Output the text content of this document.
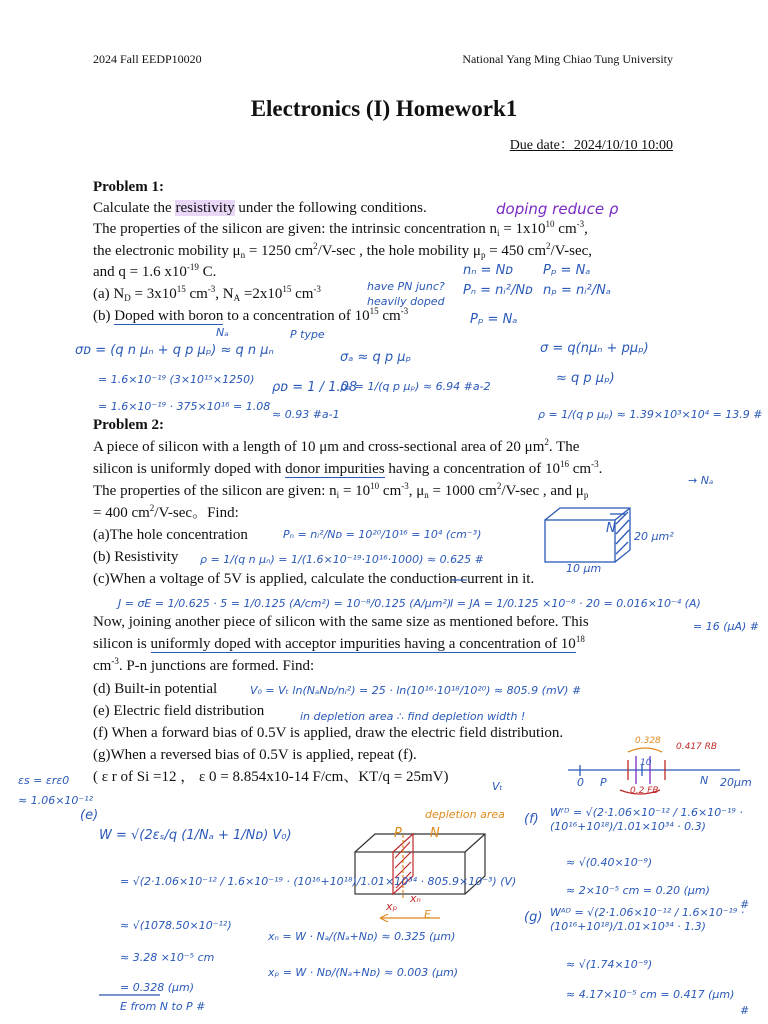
2024 Fall EEDP10020	National Yang Ming Chiao Tung University
Electronics (I) Homework1
Due date：2024/10/10 10:00
Problem 1:
Calculate the resistivity under the following conditions.
The properties of the silicon are given: the intrinsic concentration $n_i = 1x10^{10}$ $cm^{-3}$,
the electronic mobility $\mu_n = 1250$ $cm^2/V-\sec$ , the hole mobility $\mu_p = 450$ $cm^2/V-\sec$,
and q = 1.6 $x10^{-19}$ C.
(a) $N_D = 3x10^{15}$ $cm^{-3}$, $N_A =2x10^{15}$ $cm^{-3}$
(b) Doped with boron to a concentration of $10^{15}$ $cm^{-3}$
Problem 2:
A piece of silicon with a length of 10 μm and cross-sectional area of 20 $\mu m^2$. The
silicon is uniformly doped with donor impurities having a concentration of $10^{16}$ $cm^{-3}$.
The properties of the silicon are given: $n_i = 10^{10}$ $cm^{-3}$, $\mu_n = 1000$ $cm^2/V-\sec$ , and $\mu_p$
= 400 $cm^2/V-\sec$。Find:
(a)The hole concentration
(b) Resistivity
(c)When a voltage of 5V is applied, calculate the conduction current in it.
Now, joining another piece of silicon with the same size as mentioned before. This
silicon is uniformly doped with acceptor impurities having a concentration of $10^{18}$
$cm^{-3}$. P-n junctions are formed. Find:
(d) Built-in potential
(e) Electric field distribution
(f) When a forward bias of 0.5V is applied, draw the electric field distribution.
(g)When a reversed bias of 0.5V is applied, repeat (f).
( ε r of Si =12 ， ε 0 = 8.854x10-14 F/cm、KT/q = 25mV)
doping reduce ρ
have PN junc?
heavily doped
nₙ = Nᴅ Pₚ = Nₐ
Pₙ = nᵢ²/Nᴅ nₚ = nᵢ²/Nₐ
Pₚ = Nₐ
P type
Nₐ
σᴅ = (q n μₙ + q p μₚ) ≈ q n μₙ
= 1.6×10⁻¹⁹ (3×10¹⁵×1250)
= 1.6×10⁻¹⁹ · 375×10¹⁶ = 1.08
ρᴅ = 1 / 1.08
≈ 0.93 #a-1
σₐ ≈ q p μₚ
ρₐ = 1/(q p μₚ) ≈ 6.94 #a-2
σ = q(nμₙ + pμₚ)
≈ q p μₚ)
ρ = 1/(q p μₚ) ≈ 1.39×10³×10⁴ = 13.9 #
→ Nₐ
Pₙ = nᵢ²/Nᴅ = 10²⁰/10¹⁶ = 10⁴ (cm⁻³)
ρ = 1/(q n μₙ) = 1/(1.6×10⁻¹⁹·10¹⁶·1000) ≈ 0.625 #
J = σE = 1/0.625 · 5 = 1/0.125 (A/cm²) = 10⁻⁸/0.125 (A/μm²)
I = JA = 1/0.125 ×10⁻⁸ · 20 = 0.016×10⁻⁴ (A)
= 16 (μA) #
V₀ = Vₜ ln(NₐNᴅ/nᵢ²) = 25 · ln(10¹⁶·10¹⁸/10²⁰) ≈ 805.9 (mV) #
in depletion area ∴ find depletion width !
εs = εrε0
≈ 1.06×10⁻¹²
Vₜ
N
10 μm
20 μm²
(e)
W = √(2εₛ/q (1/Nₐ + 1/Nᴅ) V₀)
= √(2·1.06×10⁻¹² / 1.6×10⁻¹⁹ · (10¹⁶+10¹⁸)/1.01×10³⁴ · 805.9×10⁻³) (V)
≈ √(1078.50×10⁻¹²)
≈ 3.28 ×10⁻⁵ cm
= 0.328 (μm)
E from N to P #
depletion area
P N
xₚ
xₙ
E
xₙ = W · Nₐ/(Nₐ+Nᴅ) ≈ 0.325 (μm)
xₚ = W · Nᴅ/(Nₐ+Nᴅ) ≈ 0.003 (μm)
(f) Wᶠᴰ = √(2·1.06×10⁻¹² / 1.6×10⁻¹⁹ · (10¹⁶+10¹⁸)/1.01×10³⁴ · 0.3)
≈ √(0.40×10⁻⁹)
≈ 2×10⁻⁵ cm = 0.20 (μm)
#
(g) Wᴬᴰ = √(2·1.06×10⁻¹² / 1.6×10⁻¹⁹ · (10¹⁶+10¹⁸)/1.01×10³⁴ · 1.3)
≈ √(1.74×10⁻⁹)
≈ 4.17×10⁻⁵ cm = 0.417 (μm)
#
0 P	N 20μm
10
0.328
0.417 RB
0.2 FB
